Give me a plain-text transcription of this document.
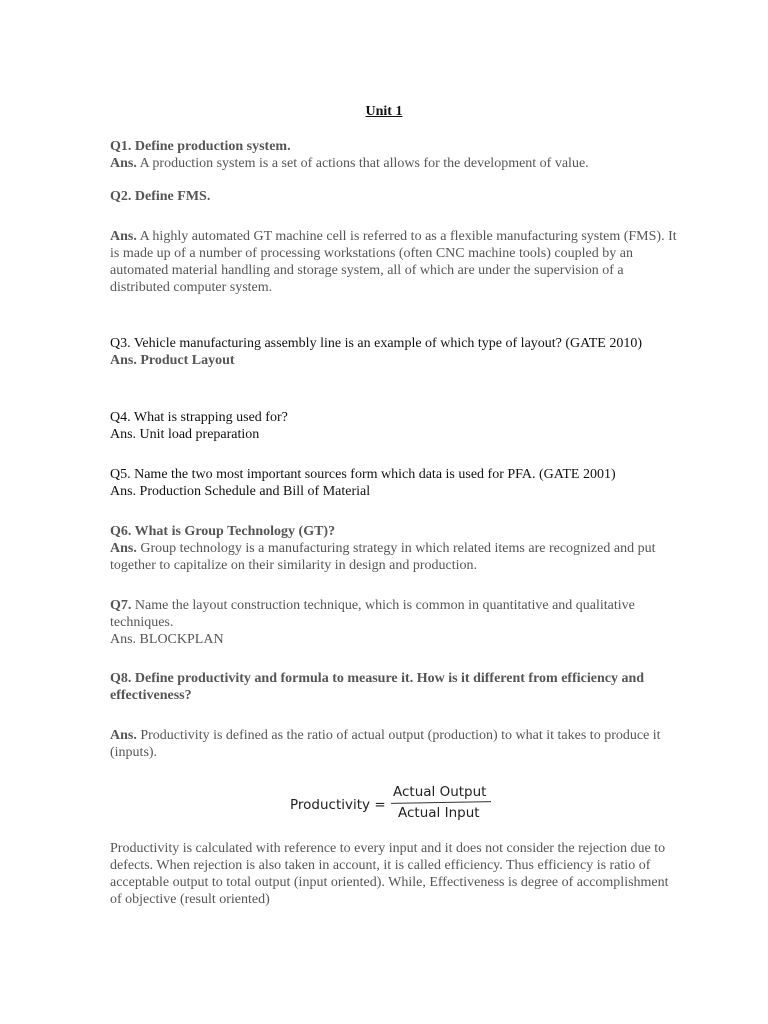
Unit 1
Q1. Define production system.
Ans. A production system is a set of actions that allows for the development of value.
Q2. Define FMS.
Ans. A highly automated GT machine cell is referred to as a flexible manufacturing system (FMS). It is made up of a number of processing workstations (often CNC machine tools) coupled by an automated material handling and storage system, all of which are under the supervision of a distributed computer system.
Q3. Vehicle manufacturing assembly line is an example of which type of layout? (GATE 2010)
Ans. Product Layout
Q4. What is strapping used for?
Ans. Unit load preparation
Q5. Name the two most important sources form which data is used for PFA. (GATE 2001)
Ans. Production Schedule and Bill of Material
Q6. What is Group Technology (GT)?
Ans. Group technology is a manufacturing strategy in which related items are recognized and put together to capitalize on their similarity in design and production.
Q7. Name the layout construction technique, which is common in quantitative and qualitative techniques.
Ans. BLOCKPLAN
Q8. Define productivity and formula to measure it. How is it different from efficiency and effectiveness?
Ans. Productivity is defined as the ratio of actual output (production) to what it takes to produce it (inputs).
Productivity =
Actual Output
Actual Input
Productivity is calculated with reference to every input and it does not consider the rejection due to defects. When rejection is also taken in account, it is called efficiency. Thus efficiency is ratio of acceptable output to total output (input oriented). While, Effectiveness is degree of accomplishment of objective (result oriented)
